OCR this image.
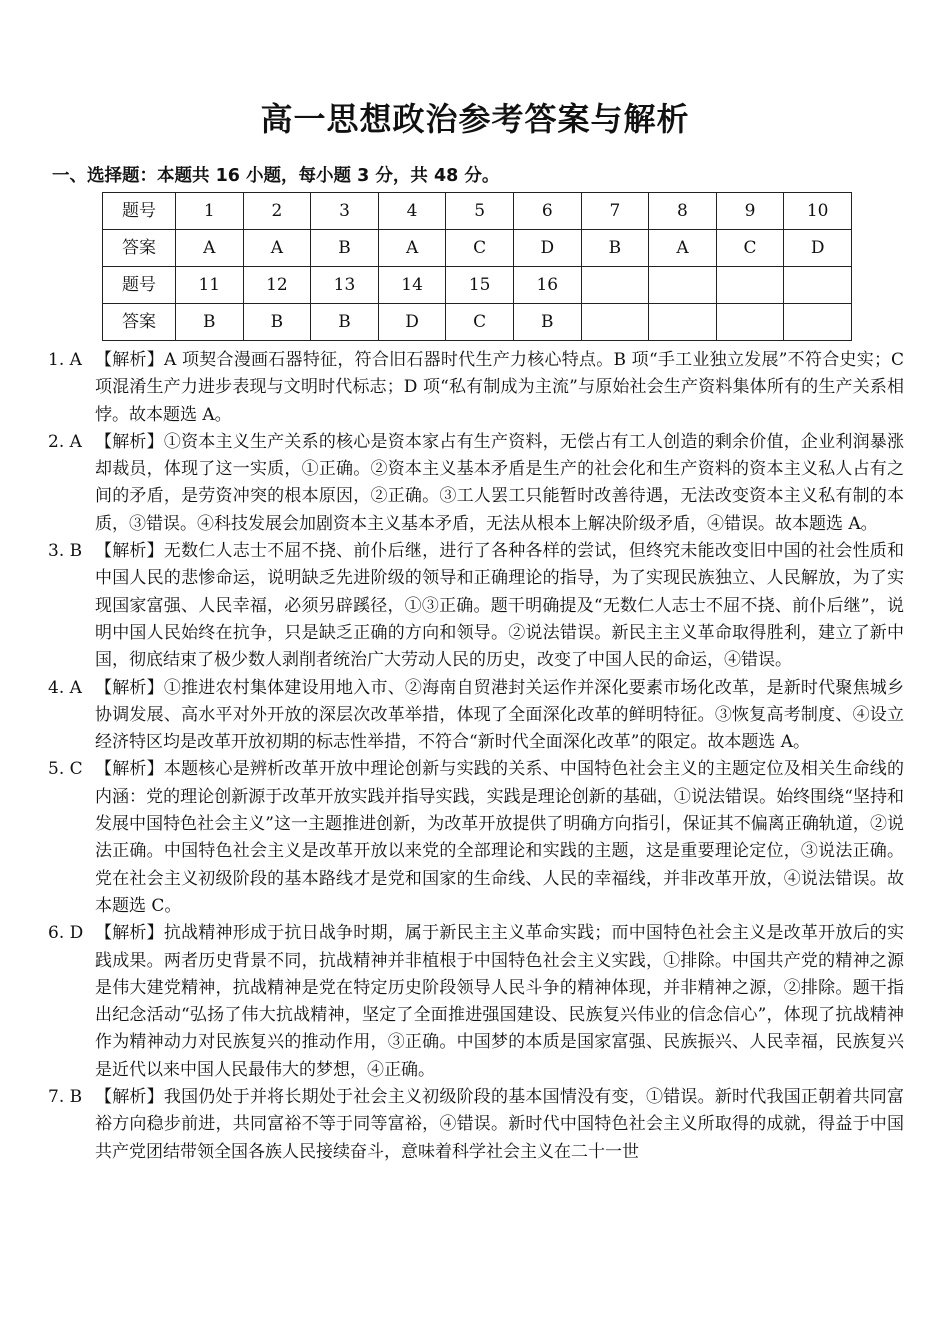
高一思想政治参考答案与解析
一、选择题：本题共 16 小题，每小题 3 分，共 48 分。
题号	1	2	3	4	5	6	7	8	9	10
答案	A	A	B	A	C	D	B	A	C	D
题号	11	12	13	14	15	16				
答案	B	B	B	D	C	B				
1. A 【解析】A 项契合漫画石器特征，符合旧石器时代生产力核心特点。B 项“手工业独立发展”不符合史实；C 项混淆生产力进步表现与文明时代标志；D 项“私有制成为主流”与原始社会生产资料集体所有的生产关系相悖。故本题选 A。
2. A 【解析】①资本主义生产关系的核心是资本家占有生产资料，无偿占有工人创造的剩余价值，企业利润暴涨却裁员，体现了这一实质，①正确。②资本主义基本矛盾是生产的社会化和生产资料的资本主义私人占有之间的矛盾，是劳资冲突的根本原因，②正确。③工人罢工只能暂时改善待遇，无法改变资本主义私有制的本质，③错误。④科技发展会加剧资本主义基本矛盾，无法从根本上解决阶级矛盾，④错误。故本题选 A。
3. B 【解析】无数仁人志士不屈不挠、前仆后继，进行了各种各样的尝试，但终究未能改变旧中国的社会性质和中国人民的悲惨命运，说明缺乏先进阶级的领导和正确理论的指导，为了实现民族独立、人民解放，为了实现国家富强、人民幸福，必须另辟蹊径，①③正确。题干明确提及“无数仁人志士不屈不挠、前仆后继”，说明中国人民始终在抗争，只是缺乏正确的方向和领导。②说法错误。新民主主义革命取得胜利，建立了新中国，彻底结束了极少数人剥削者统治广大劳动人民的历史，改变了中国人民的命运，④错误。
4. A 【解析】①推进农村集体建设用地入市、②海南自贸港封关运作并深化要素市场化改革，是新时代聚焦城乡协调发展、高水平对外开放的深层次改革举措，体现了全面深化改革的鲜明特征。③恢复高考制度、④设立经济特区均是改革开放初期的标志性举措，不符合“新时代全面深化改革”的限定。故本题选 A。
5. C 【解析】本题核心是辨析改革开放中理论创新与实践的关系、中国特色社会主义的主题定位及相关生命线的内涵：党的理论创新源于改革开放实践并指导实践，实践是理论创新的基础，①说法错误。始终围绕“坚持和发展中国特色社会主义”这一主题推进创新，为改革开放提供了明确方向指引，保证其不偏离正确轨道，②说法正确。中国特色社会主义是改革开放以来党的全部理论和实践的主题，这是重要理论定位，③说法正确。党在社会主义初级阶段的基本路线才是党和国家的生命线、人民的幸福线，并非改革开放，④说法错误。故本题选 C。
6. D 【解析】抗战精神形成于抗日战争时期，属于新民主主义革命实践；而中国特色社会主义是改革开放后的实践成果。两者历史背景不同，抗战精神并非植根于中国特色社会主义实践，①排除。中国共产党的精神之源是伟大建党精神，抗战精神是党在特定历史阶段领导人民斗争的精神体现，并非精神之源，②排除。题干指出纪念活动“弘扬了伟大抗战精神，坚定了全面推进强国建设、民族复兴伟业的信念信心”，体现了抗战精神作为精神动力对民族复兴的推动作用，③正确。中国梦的本质是国家富强、民族振兴、人民幸福，民族复兴是近代以来中国人民最伟大的梦想，④正确。
7. B 【解析】我国仍处于并将长期处于社会主义初级阶段的基本国情没有变，①错误。新时代我国正朝着共同富裕方向稳步前进，共同富裕不等于同等富裕，④错误。新时代中国特色社会主义所取得的成就，得益于中国共产党团结带领全国各族人民接续奋斗，意味着科学社会主义在二十一世
